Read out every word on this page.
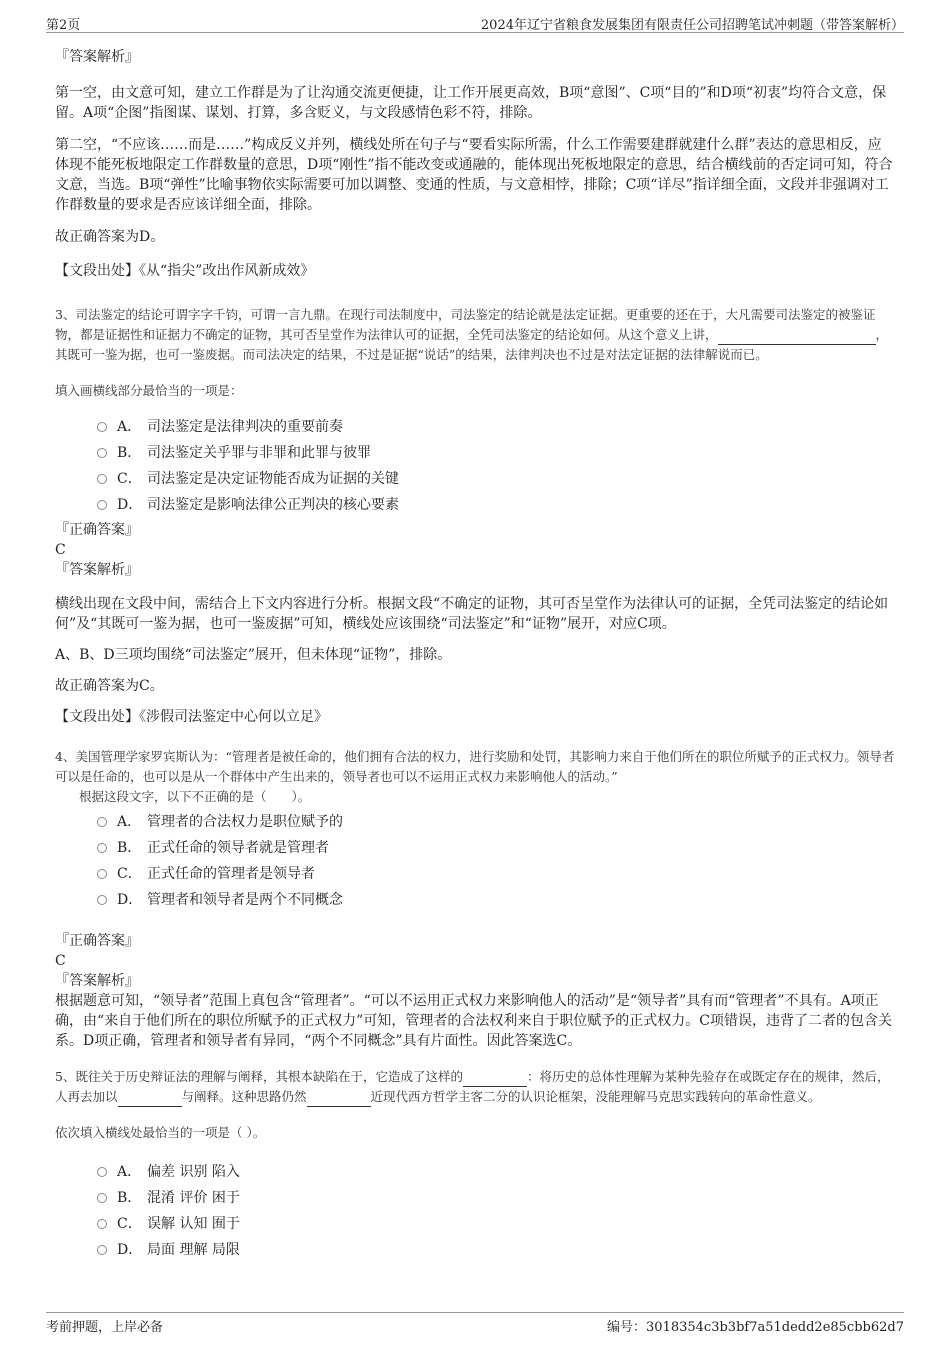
第2页	2024年辽宁省粮食发展集团有限责任公司招聘笔试冲刺题（带答案解析）

『答案解析』

第一空，由文意可知，建立工作群是为了让沟通交流更便捷，让工作开展更高效，B项“意图”、C项“目的”和D项“初衷”均符合文意，保留。A项“企图”指图谋、谋划、打算，多含贬义，与文段感情色彩不符，排除。

第二空，“不应该……而是……”构成反义并列，横线处所在句子与“要看实际所需，什么工作需要建群就建什么群”表达的意思相反，应体现不能死板地限定工作群数量的意思，D项“刚性”指不能改变或通融的，能体现出死板地限定的意思，结合横线前的否定词可知，符合文意，当选。B项“弹性”比喻事物依实际需要可加以调整、变通的性质，与文意相悖，排除；C项“详尽”指详细全面，文段并非强调对工作群数量的要求是否应该详细全面，排除。

故正确答案为D。

【文段出处】《从“指尖”改出作风新成效》

3、司法鉴定的结论可谓字字千钧，可谓一言九鼎。在现行司法制度中，司法鉴定的结论就是法定证据。更重要的还在于，大凡需要司法鉴定的被鉴证物，都是证据性和证据力不确定的证物，其可否呈堂作为法律认可的证据，全凭司法鉴定的结论如何。从这个意义上讲，	，其既可一鉴为据，也可一鉴废据。而司法决定的结果，不过是证据“说话”的结果，法律判决也不过是对法定证据的法律解说而已。

填入画横线部分最恰当的一项是：

A． 司法鉴定是法律判决的重要前奏
B． 司法鉴定关乎罪与非罪和此罪与彼罪
C． 司法鉴定是决定证物能否成为证据的关键
D． 司法鉴定是影响法律公正判决的核心要素

『正确答案』

C

『答案解析』

横线出现在文段中间，需结合上下文内容进行分析。根据文段“不确定的证物，其可否呈堂作为法律认可的证据，全凭司法鉴定的结论如何”及“其既可一鉴为据，也可一鉴废据”可知，横线处应该围绕“司法鉴定”和“证物”展开，对应C项。

A、B、D三项均围绕“司法鉴定”展开，但未体现“证物”，排除。

故正确答案为C。

【文段出处】《涉假司法鉴定中心何以立足》

4、美国管理学家罗宾斯认为：“管理者是被任命的，他们拥有合法的权力，进行奖励和处罚，其影响力来自于他们所在的职位所赋予的正式权力。领导者可以是任命的，也可以是从一个群体中产生出来的，领导者也可以不运用正式权力来影响他人的活动。”

根据这段文字，以下不正确的是（　　）。

A． 管理者的合法权力是职位赋予的
B． 正式任命的领导者就是管理者
C． 正式任命的管理者是领导者
D． 管理者和领导者是两个不同概念

『正确答案』

C

『答案解析』

根据题意可知，“领导者”范围上真包含“管理者”。“可以不运用正式权力来影响他人的活动”是“领导者”具有而“管理者”不具有。A项正确，由“来自于他们所在的职位所赋予的正式权力”可知，管理者的合法权利来自于职位赋予的正式权力。C项错误，违背了二者的包含关系。D项正确，管理者和领导者有异同，“两个不同概念”具有片面性。因此答案选C。

5、既往关于历史辩证法的理解与阐释，其根本缺陷在于，它造成了这样的	：将历史的总体性理解为某种先验存在或既定存在的规律，然后，人再去加以	与阐释。这种思路仍然	近现代西方哲学主客二分的认识论框架，没能理解马克思实践转向的革命性意义。

依次填入横线处最恰当的一项是（ ）。

A． 偏差 识别 陷入
B． 混淆 评价 困于
C． 误解 认知 囿于
D． 局面 理解 局限
考前押题，上岸必备	编号：3018354c3b3bf7a51dedd2e85cbb62d7
